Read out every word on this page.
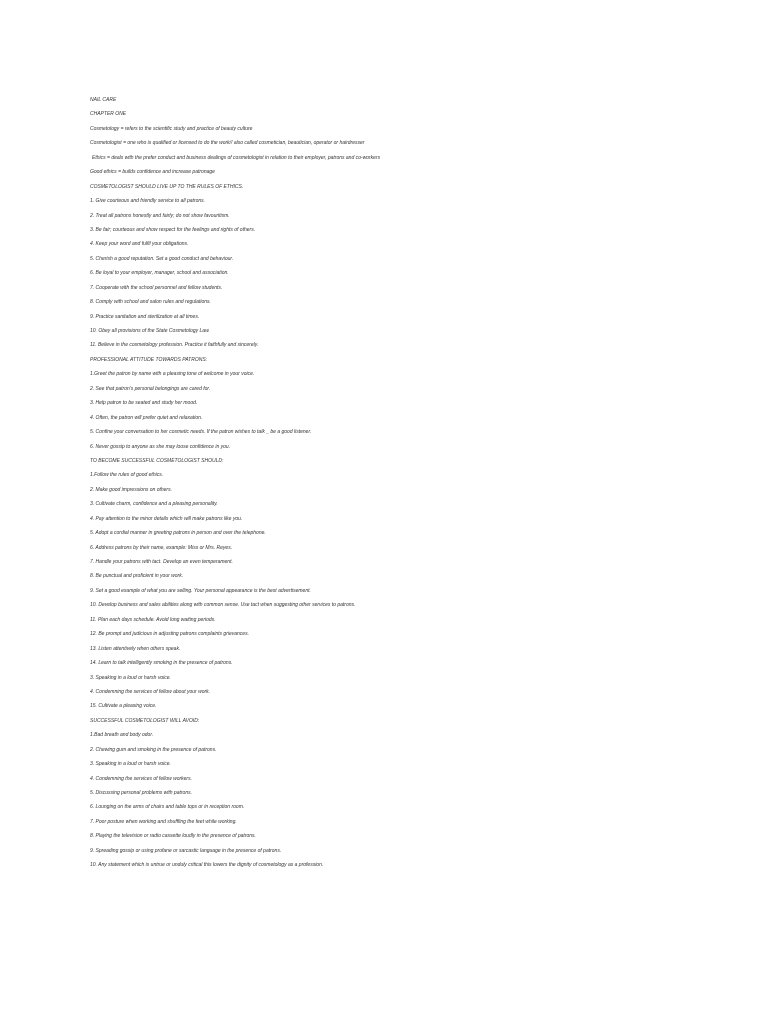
NAIL CARE
CHAPTER ONE
Cosmetology = refers to the scientific study and practice of beauty culture
Cosmetologist = one who is qualified or licensed to do the work// also called cosmetician, beautician, operator or hairdresser
Ethics = deals with the prefer conduct and business dealings of cosmetologist in relation to their employer, patrons and co-workers
Good ethics = builds confidence and increase patronage
COSMETOLOGIST SHOULD LIVE UP TO THE RULES OF ETHICS.
1. Give courteous and friendly service to all patrons.
2. Treat all patrons honestly and fairly; do not show favouritism.
3. Be fair; courteous and show respect for the feelings and rights of others.
4. Keep your word and fulfil your obligations.
5. Cherish a good reputation. Set a good conduct and behaviour.
6. Be loyal to your employer, manager, school and association.
7. Cooperate with the school personnel and fellow students.
8. Comply with school and salon rules and regulations.
9. Practice sanitation and sterilization at all times.
10. Obey all provisions of the State Cosmetology Law.
11. Believe in the cosmetology profession. Practice it faithfully and sincerely.
PROFESSIONAL ATTITUDE TOWARDS PATRONS:
1.Greet the patron by name with a pleasing tone of welcome in your voice.
2. See that patron's personal belongings are cared for.
3. Help patron to be seated and study her mood.
4. Often, the patron will prefer quiet and relaxation.
5. Confine your conversation to her cosmetic needs. If the patron wishes to talk _ be a good listener.
6. Never gossip to anyone as she may loose confidence in you.
TO BECOME SUCCESSFUL COSMETOLOGIST SHOULD:
1.Follow the rules of good ethics.
2. Make good impressions on others.
3. Cultivate charm, confidence and a pleasing personality.
4. Pay attention to the minor details which will make patrons like you.
5. Adopt a cordial manner in greeting patrons in person and over the telephone.
6. Address patrons by their name, example: Miss or Mrs. Reyes.
7. Handle your patrons with tact. Develop an even temperament.
8. Be punctual and proficient in your work.
9. Set a good example of what you are selling. Your personal appearance is the best advertisement.
10. Develop business and sales abilities along with common sense. Use tact when suggesting other services to patrons.
11. Plan each days schedule. Avoid long waiting periods.
12. Be prompt and judicious in adjusting patrons complaints grievances.
13. Listen attentively when others speak.
14. Learn to talk intelligently smoking in the presence of patrons.
3. Speaking in a loud or harsh voice.
4. Condemning the services of fellow about your work.
15. Cultivate a pleasing voice.
SUCCESSFUL COSMETOLOGIST WILL AVOID:
1.Bad breath and body odor.
2. Chewing gum and smoking in the presence of patrons.
3. Speaking in a loud or harsh voice.
4. Condemning the services of fellow workers.
5. Discussing personal problems with patrons.
6. Lounging on the arms of chairs and table tops or in reception room.
7. Poor posture when working and shuffling the feet while working.
8. Playing the television or radio cassette loudly in the presence of patrons.
9. Spreading gossip or using profane or sarcastic language in the presence of patrons.
10. Any statement which is untrue or unduly critical this lowers the dignity of cosmetology as a profession.
